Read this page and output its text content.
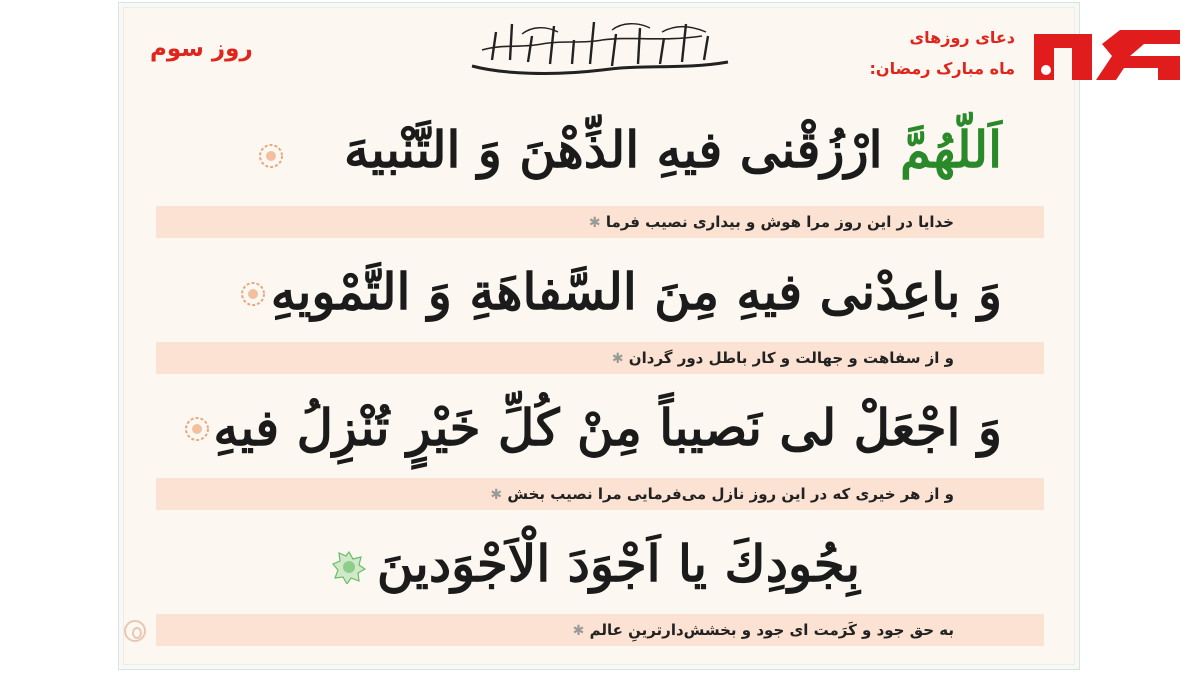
روز سوم	دعای روزهای
ماه مبارک رمضان:
اَللّهُمَّ ارْزُقْنى فيهِ الذِّهْنَ وَ التَّنْبيهَ
خدایا در این روز مرا هوش و بیداری نصیب فرما ✱
وَ باعِدْنى فيهِ مِنَ السَّفاهَةِ وَ التَّمْويهِ
و از سفاهت و جهالت و کار باطل دور گردان ✱
وَ اجْعَلْ لى نَصيباً مِنْ كُلِّ خَيْرٍ تُنْزِلُ فيهِ
و از هر خیری که در این روز نازل می‌فرمایی مرا نصیب بخش ✱
بِجُودِكَ يا اَجْوَدَ الْاَجْوَدينَ
به حق جود و کَرَمت ای جود و بخشش‌دارترینِ عالم ✱
